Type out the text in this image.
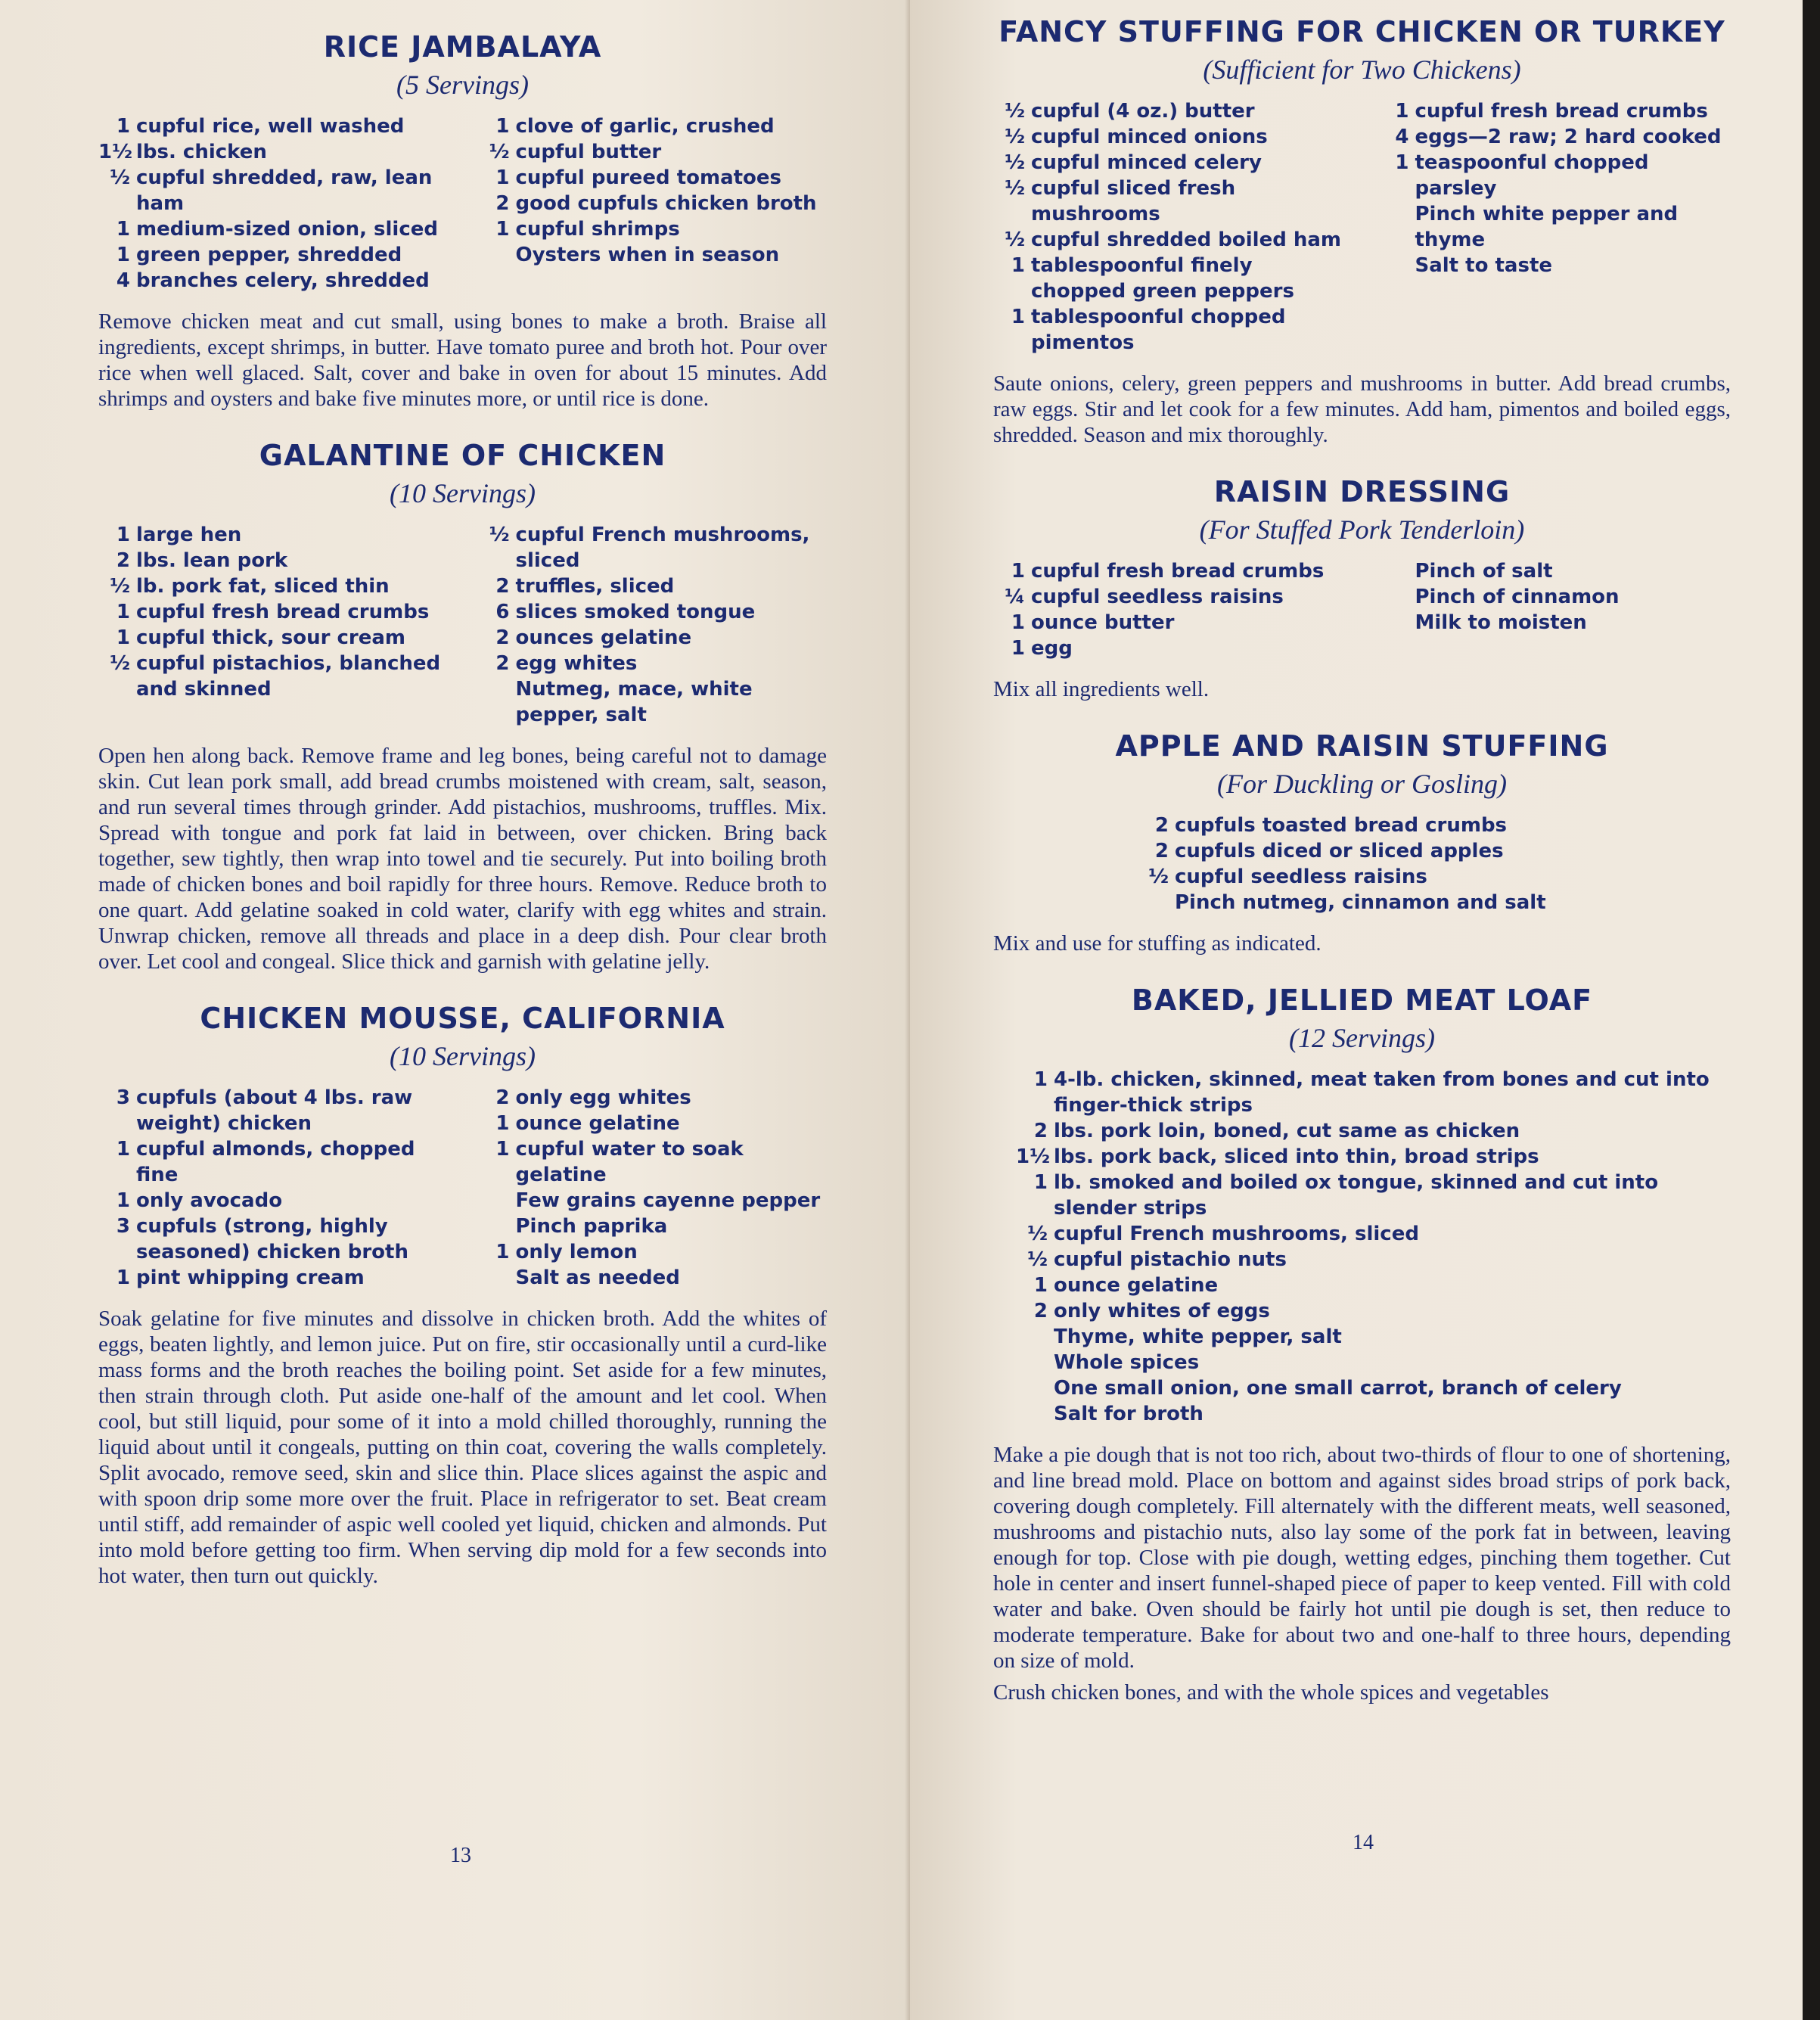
RICE JAMBALAYA
(5 Servings)
1 cupful rice, well washed
1½ lbs. chicken
½ cupful shredded, raw, lean ham
1 medium-sized onion, sliced
1 green pepper, shredded
4 branches celery, shredded
1 clove of garlic, crushed
½ cupful butter
1 cupful pureed tomatoes
2 good cupfuls chicken broth
1 cupful shrimps
Oysters when in season

Remove chicken meat and cut small, using bones to make a broth. Braise all ingredients, except shrimps, in butter. Have tomato puree and broth hot. Pour over rice when well glaced. Salt, cover and bake in oven for about 15 minutes. Add shrimps and oysters and bake five minutes more, or until rice is done.

GALANTINE OF CHICKEN
(10 Servings)
1 large hen
2 lbs. lean pork
½ lb. pork fat, sliced thin
1 cupful fresh bread crumbs
1 cupful thick, sour cream
½ cupful pistachios, blanched and skinned
½ cupful French mushrooms, sliced
2 truffles, sliced
6 slices smoked tongue
2 ounces gelatine
2 egg whites
Nutmeg, mace, white pepper, salt

Open hen along back. Remove frame and leg bones, being careful not to damage skin. Cut lean pork small, add bread crumbs moistened with cream, salt, season, and run several times through grinder. Add pistachios, mushrooms, truffles. Mix. Spread with tongue and pork fat laid in between, over chicken. Bring back together, sew tightly, then wrap into towel and tie securely. Put into boiling broth made of chicken bones and boil rapidly for three hours. Remove. Reduce broth to one quart. Add gelatine soaked in cold water, clarify with egg whites and strain. Unwrap chicken, remove all threads and place in a deep dish. Pour clear broth over. Let cool and congeal. Slice thick and garnish with gelatine jelly.

CHICKEN MOUSSE, CALIFORNIA
(10 Servings)
3 cupfuls (about 4 lbs. raw weight) chicken
1 cupful almonds, chopped fine
1 only avocado
3 cupfuls (strong, highly seasoned) chicken broth
1 pint whipping cream
2 only egg whites
1 ounce gelatine
1 cupful water to soak gelatine
Few grains cayenne pepper
Pinch paprika
1 only lemon
Salt as needed

Soak gelatine for five minutes and dissolve in chicken broth. Add the whites of eggs, beaten lightly, and lemon juice. Put on fire, stir occasionally until a curd-like mass forms and the broth reaches the boiling point. Set aside for a few minutes, then strain through cloth. Put aside one-half of the amount and let cool. When cool, but still liquid, pour some of it into a mold chilled thoroughly, running the liquid about until it congeals, putting on thin coat, covering the walls completely. Split avocado, remove seed, skin and slice thin. Place slices against the aspic and with spoon drip some more over the fruit. Place in refrigerator to set. Beat cream until stiff, add remainder of aspic well cooled yet liquid, chicken and almonds. Put into mold before getting too firm. When serving dip mold for a few seconds into hot water, then turn out quickly.

FANCY STUFFING FOR CHICKEN OR TURKEY
(Sufficient for Two Chickens)
½ cupful (4 oz.) butter
½ cupful minced onions
½ cupful minced celery
½ cupful sliced fresh mushrooms
½ cupful shredded boiled ham
1 tablespoonful finely chopped green peppers
1 tablespoonful chopped pimentos
1 cupful fresh bread crumbs
4 eggs—2 raw; 2 hard cooked
1 teaspoonful chopped parsley
Pinch white pepper and thyme
Salt to taste

Saute onions, celery, green peppers and mushrooms in butter. Add bread crumbs, raw eggs. Stir and let cook for a few minutes. Add ham, pimentos and boiled eggs, shredded. Season and mix thoroughly.

RAISIN DRESSING
(For Stuffed Pork Tenderloin)
1 cupful fresh bread crumbs
¼ cupful seedless raisins
1 ounce butter
1 egg
Pinch of salt
Pinch of cinnamon
Milk to moisten

Mix all ingredients well.

APPLE AND RAISIN STUFFING
(For Duckling or Gosling)
2 cupfuls toasted bread crumbs
2 cupfuls diced or sliced apples
½ cupful seedless raisins
Pinch nutmeg, cinnamon and salt

Mix and use for stuffing as indicated.

BAKED, JELLIED MEAT LOAF
(12 Servings)
1 4-lb. chicken, skinned, meat taken from bones and cut into finger-thick strips
2 lbs. pork loin, boned, cut same as chicken
1½ lbs. pork back, sliced into thin, broad strips
1 lb. smoked and boiled ox tongue, skinned and cut into slender strips
½ cupful French mushrooms, sliced
½ cupful pistachio nuts
1 ounce gelatine
2 only whites of eggs
Thyme, white pepper, salt
Whole spices
One small onion, one small carrot, branch of celery
Salt for broth

Make a pie dough that is not too rich, about two-thirds of flour to one of shortening, and line bread mold. Place on bottom and against sides broad strips of pork back, covering dough completely. Fill alternately with the different meats, well seasoned, mushrooms and pistachio nuts, also lay some of the pork fat in between, leaving enough for top. Close with pie dough, wetting edges, pinching them together. Cut hole in center and insert funnel-shaped piece of paper to keep vented. Fill with cold water and bake. Oven should be fairly hot until pie dough is set, then reduce to moderate temperature. Bake for about two and one-half to three hours, depending on size of mold.

Crush chicken bones, and with the whole spices and vegetables

13
14
